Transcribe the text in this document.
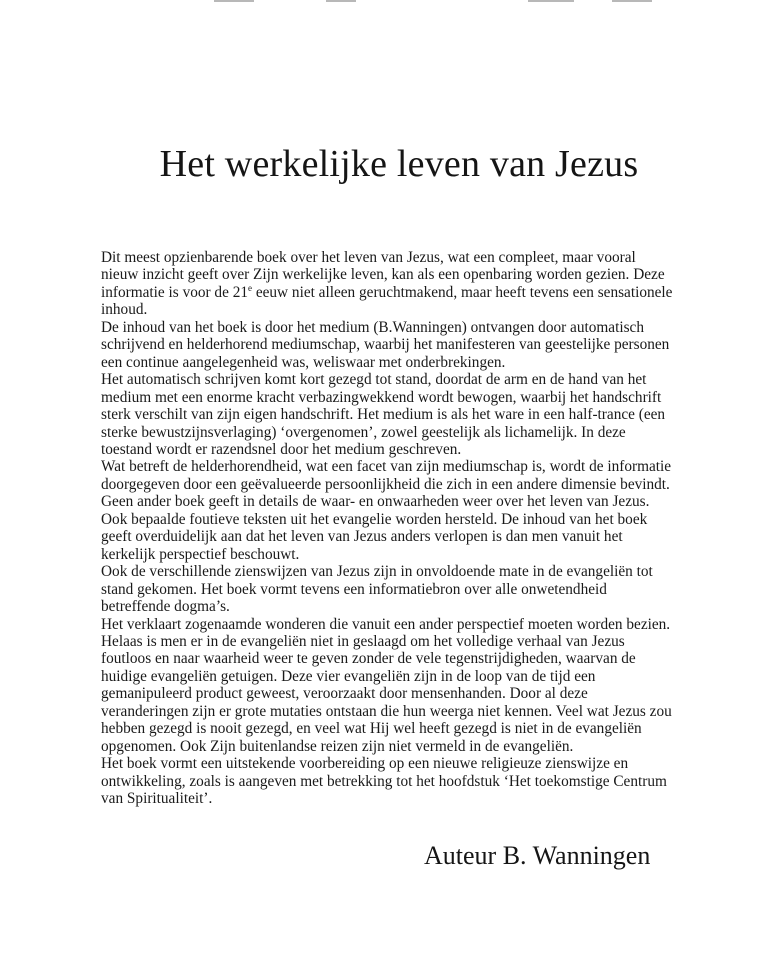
Het werkelijke leven van Jezus
Dit meest opzienbarende boek over het leven van Jezus, wat een compleet, maar vooral
nieuw inzicht geeft over Zijn werkelijke leven, kan als een openbaring worden gezien. Deze
informatie is voor de 21e eeuw niet alleen geruchtmakend, maar heeft tevens een sensationele
inhoud.
De inhoud van het boek is door het medium (B.Wanningen) ontvangen door automatisch
schrijvend en helderhorend mediumschap, waarbij het manifesteren van geestelijke personen
een continue aangelegenheid was, weliswaar met onderbrekingen.
Het automatisch schrijven komt kort gezegd tot stand, doordat de arm en de hand van het
medium met een enorme kracht verbazingwekkend wordt bewogen, waarbij het handschrift
sterk verschilt van zijn eigen handschrift. Het medium is als het ware in een half-trance (een
sterke bewustzijnsverlaging) ‘overgenomen’, zowel geestelijk als lichamelijk. In deze
toestand wordt er razendsnel door het medium geschreven.
Wat betreft de helderhorendheid, wat een facet van zijn mediumschap is, wordt de informatie
doorgegeven door een geëvalueerde persoonlijkheid die zich in een andere dimensie bevindt.
Geen ander boek geeft in details de waar- en onwaarheden weer over het leven van Jezus.
Ook bepaalde foutieve teksten uit het evangelie worden hersteld. De inhoud van het boek
geeft overduidelijk aan dat het leven van Jezus anders verlopen is dan men vanuit het
kerkelijk perspectief beschouwt.
Ook de verschillende zienswijzen van Jezus zijn in onvoldoende mate in de evangeliën tot
stand gekomen. Het boek vormt tevens een informatiebron over alle onwetendheid
betreffende dogma’s.
Het verklaart zogenaamde wonderen die vanuit een ander perspectief moeten worden bezien.
Helaas is men er in de evangeliën niet in geslaagd om het volledige verhaal van Jezus
foutloos en naar waarheid weer te geven zonder de vele tegenstrijdigheden, waarvan de
huidige evangeliën getuigen. Deze vier evangeliën zijn in de loop van de tijd een
gemanipuleerd product geweest, veroorzaakt door mensenhanden. Door al deze
veranderingen zijn er grote mutaties ontstaan die hun weerga niet kennen. Veel wat Jezus zou
hebben gezegd is nooit gezegd, en veel wat Hij wel heeft gezegd is niet in de evangeliën
opgenomen. Ook Zijn buitenlandse reizen zijn niet vermeld in de evangeliën.
Het boek vormt een uitstekende voorbereiding op een nieuwe religieuze zienswijze en
ontwikkeling, zoals is aangeven met betrekking tot het hoofdstuk ‘Het toekomstige Centrum
van Spiritualiteit’.
Auteur B. Wanningen
